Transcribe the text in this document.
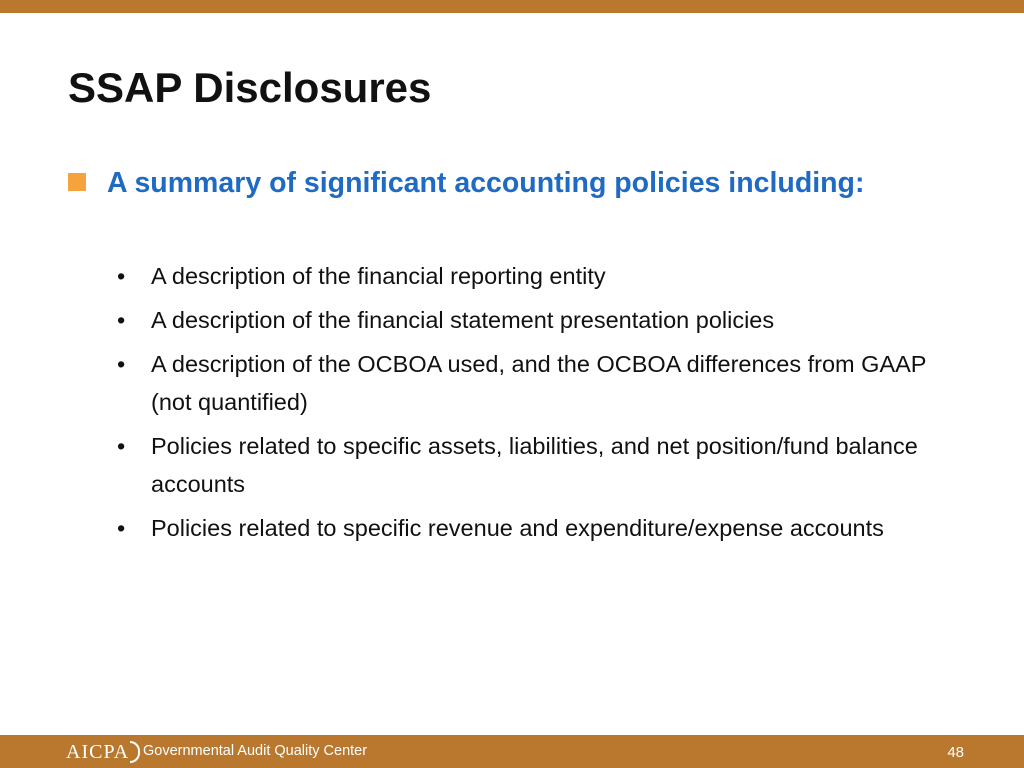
SSAP Disclosures
A summary of significant accounting policies including:
• A description of the financial reporting entity
• A description of the financial statement presentation policies
• A description of the OCBOA used, and the OCBOA differences from GAAP (not quantified)
• Policies related to specific assets, liabilities, and net position/fund balance accounts
• Policies related to specific revenue and expenditure/expense accounts
AICPA Governmental Audit Quality Center	48
